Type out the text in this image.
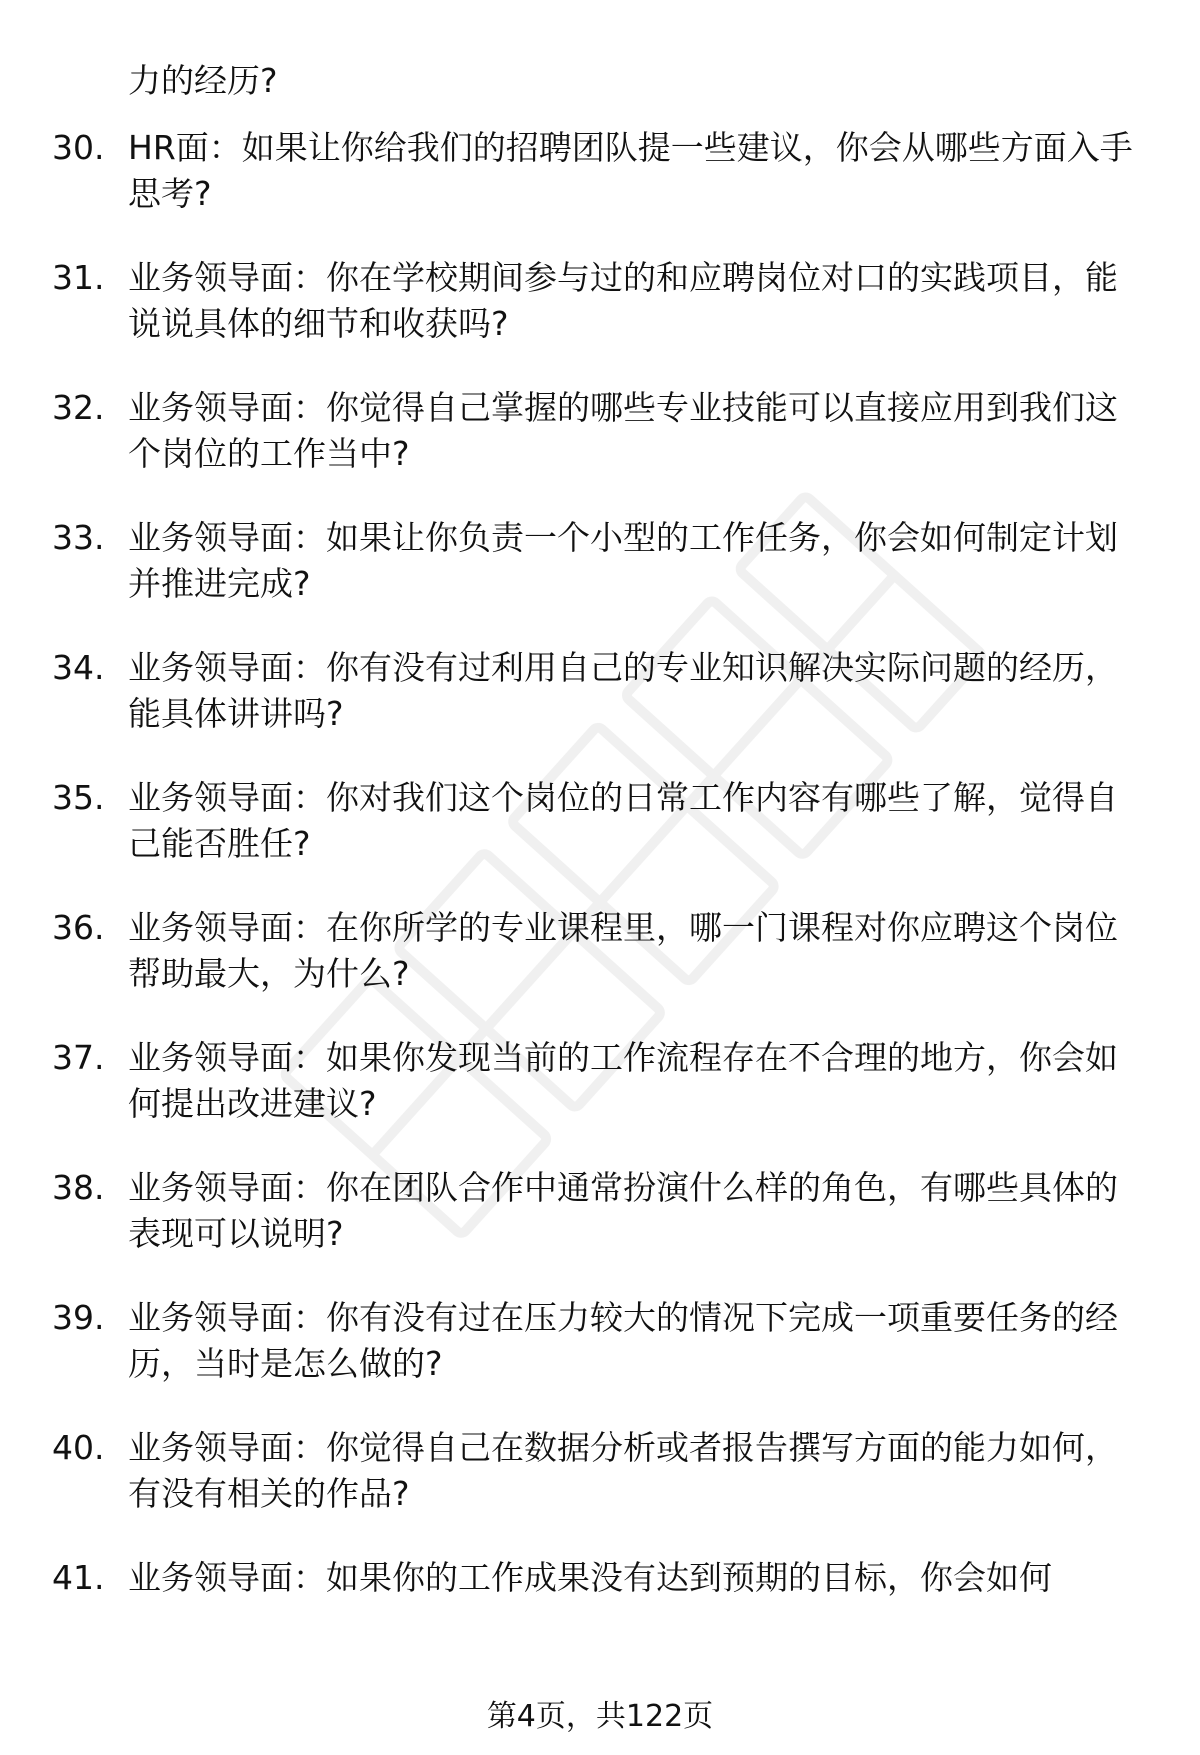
力的经历?
30. HR面：如果让你给我们的招聘团队提一些建议，你会从哪些方面入手思考?
31. 业务领导面：你在学校期间参与过的和应聘岗位对口的实践项目，能说说具体的细节和收获吗?
32. 业务领导面：你觉得自己掌握的哪些专业技能可以直接应用到我们这个岗位的工作当中?
33. 业务领导面：如果让你负责一个小型的工作任务，你会如何制定计划并推进完成?
34. 业务领导面：你有没有过利用自己的专业知识解决实际问题的经历，能具体讲讲吗?
35. 业务领导面：你对我们这个岗位的日常工作内容有哪些了解，觉得自己能否胜任?
36. 业务领导面：在你所学的专业课程里，哪一门课程对你应聘这个岗位帮助最大，为什么?
37. 业务领导面：如果你发现当前的工作流程存在不合理的地方，你会如何提出改进建议?
38. 业务领导面：你在团队合作中通常扮演什么样的角色，有哪些具体的表现可以说明?
39. 业务领导面：你有没有过在压力较大的情况下完成一项重要任务的经历，当时是怎么做的?
40. 业务领导面：你觉得自己在数据分析或者报告撰写方面的能力如何，有没有相关的作品?
41. 业务领导面：如果你的工作成果没有达到预期的目标，你会如何
第4页，共122页
